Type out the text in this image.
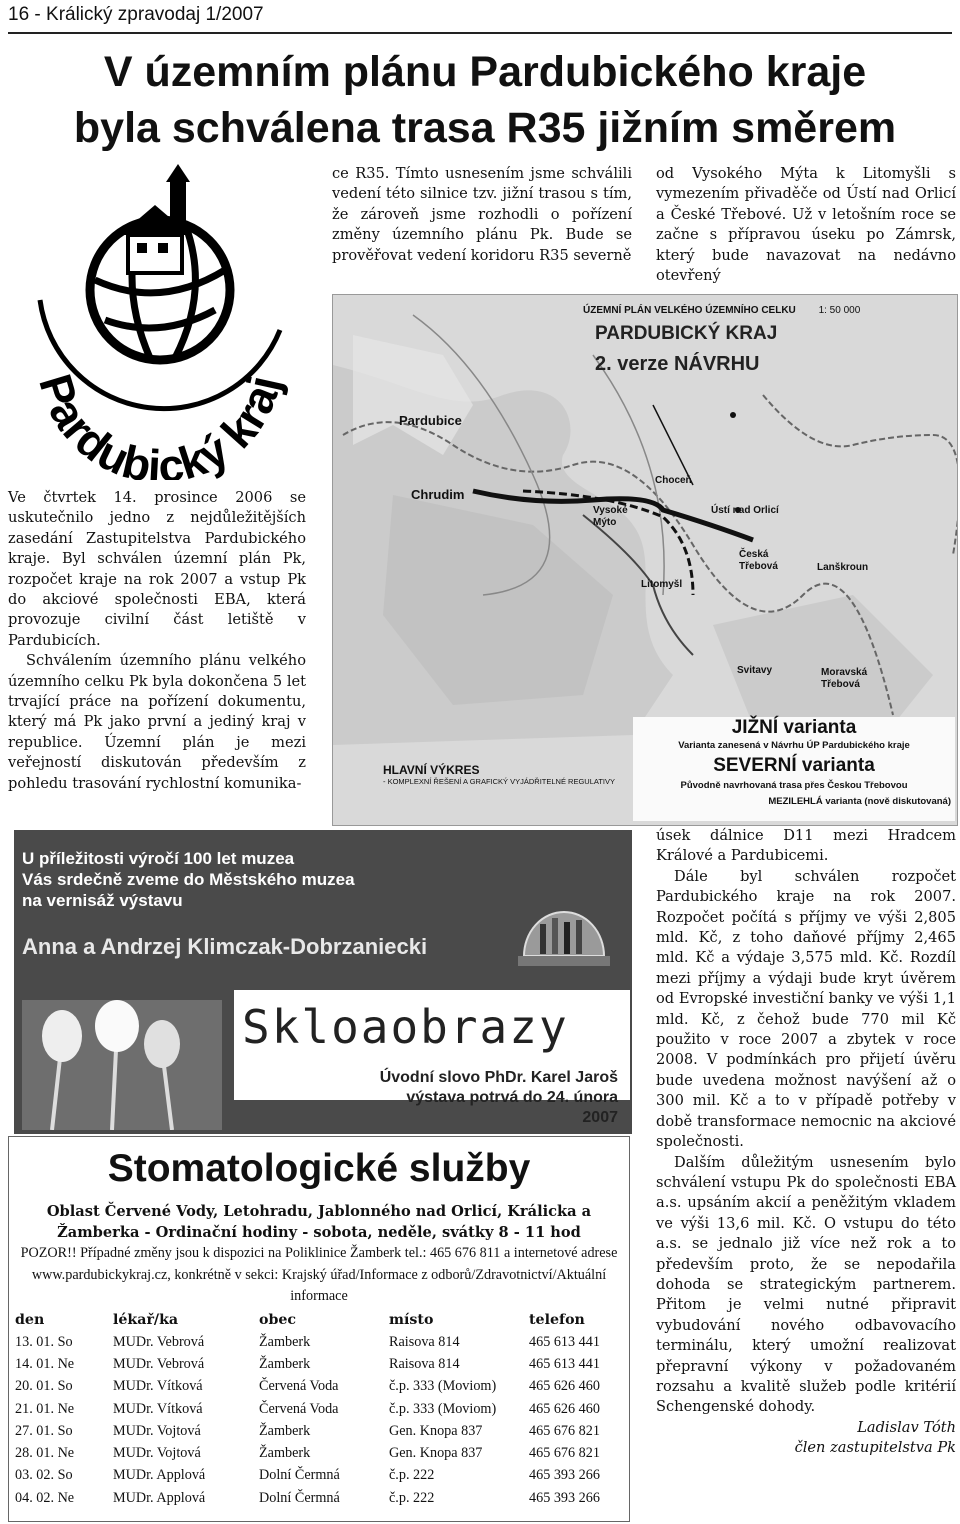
16 - Králický zpravodaj 1/2007
V územním plánu Pardubického kraje
byla schválena trasa R35 jižním směrem
Pardubický kraj

Ve čtvrtek 14. prosince 2006 se uskutečnilo jedno z nejdůležitějších zasedání Zastupitelstva Pardubického kraje. Byl schválen územní plán Pk, rozpočet kraje na rok 2007 a vstup Pk do akciové společnosti EBA, která provozuje civilní část letiště v Pardubicích.

Schválením územního plánu velkého územního celku Pk byla dokončena 5 let trvající práce na pořízení dokumentu, který má Pk jako první a jediný kraj v republice. Územní plán je mezi veřejností diskutován především z pohledu trasování rychlostní komunika-

ce R35. Tímto usnesením jsme schválili vedení této silnice tzv. jižní trasou s tím, že zároveň jsme rozhodli o pořízení změny územního plánu Pk. Bude se prověřovat vedení koridoru R35 severně

od Vysokého Mýta k Litomyšli s vymezením přivaděče od Ústí nad Orlicí a České Třebové. Už v letošním roce se začne s přípravou úseku po Zámrsk, který bude navazovat na nedávno otevřený

ÚZEMNÍ PLÁN VELKÉHO ÚZEMNÍHO CELKU 1: 50 000
PARDUBICKÝ KRAJ
2. verze NÁVRHU
Pardubice
Chrudim
Choceň
Vysoké Mýto
Ústí nad Orlicí
Česká Třebová	Lanškroun
Litomyšl
Svitavy	Moravská Třebová
HLAVNÍ VÝKRES
- KOMPLEXNÍ ŘEŠENÍ A GRAFICKÝ VYJÁDŘITELNÉ REGULATIVY
JIŽNÍ varianta
Varianta zanesená v Návrhu ÚP Pardubického kraje
SEVERNÍ varianta
Původně navrhovaná trasa přes Českou Třebovou
MEZILEHLÁ varianta (nově diskutovaná)

úsek dálnice D11 mezi Hradcem Králové a Pardubicemi.

Dále byl schválen rozpočet Pardubického kraje na rok 2007. Rozpočet počítá s příjmy ve výši 2,805 mld. Kč, z toho daňové příjmy 2,465 mld. Kč a výdaje 3,575 mld. Kč. Rozdíl mezi příjmy a výdaji bude kryt úvěrem od Evropské investiční banky ve výši 1,1 mld. Kč, z čehož bude 770 mil Kč použito v roce 2007 a zbytek v roce 2008. V podmínkách pro přijetí úvěru bude uvedena možnost navýšení až o 300 mil. Kč a to v případě potřeby v době transformace nemocnic na akciové společnosti.

Dalším důležitým usnesením bylo schválení vstupu Pk do společnosti EBA a.s. upsáním akcií a peněžitým vkladem ve výši 13,6 mil. Kč. O vstupu do této a.s. se jednalo již více než rok a to především proto, že se nepodařila dohoda se strategickým partnerem. Přitom je velmi nutné připravit vybudování nového odbavovacího terminálu, který umožní realizovat přepravní výkony v požadovaném rozsahu a kvalitě služeb podle kritérií Schengenské dohody.

Ladislav Tóth

člen zastupitelstva Pk

U příležitosti výročí 100 let muzea
Vás srdečně zveme do Městského muzea
na vernisáž výstavu
Anna a Andrzej Klimczak-Dobrzaniecki
Skloaobrazy
Úvodní slovo PhDr. Karel Jaroš
výstava potrvá do 24. února 2007
Stomatologické služby
Oblast Červené Vody, Letohradu, Jablonného nad Orlicí, Králicka a Žamberka - Ordinační hodiny - sobota, neděle, svátky 8 - 11 hod
POZOR!! Případné změny jsou k dispozici na Poliklinice Žamberk tel.: 465 676 811 a internetové adrese www.pardubickykraj.cz, konkrétně v sekci: Krajský úřad/Informace z odborů/Zdravotnictví/Aktuální informace
den	lékař/ka	obec	místo	telefon
13. 01. So	MUDr. Vebrová	Žamberk	Raisova 814	465 613 441
14. 01. Ne	MUDr. Vebrová	Žamberk	Raisova 814	465 613 441
20. 01. So	MUDr. Vítková	Červená Voda	č.p. 333 (Moviom)	465 626 460
21. 01. Ne	MUDr. Vítková	Červená Voda	č.p. 333 (Moviom)	465 626 460
27. 01. So	MUDr. Vojtová	Žamberk	Gen. Knopa 837	465 676 821
28. 01. Ne	MUDr. Vojtová	Žamberk	Gen. Knopa 837	465 676 821
03. 02. So	MUDr. Applová	Dolní Čermná	č.p. 222	465 393 266
04. 02. Ne	MUDr. Applová	Dolní Čermná	č.p. 222	465 393 266
